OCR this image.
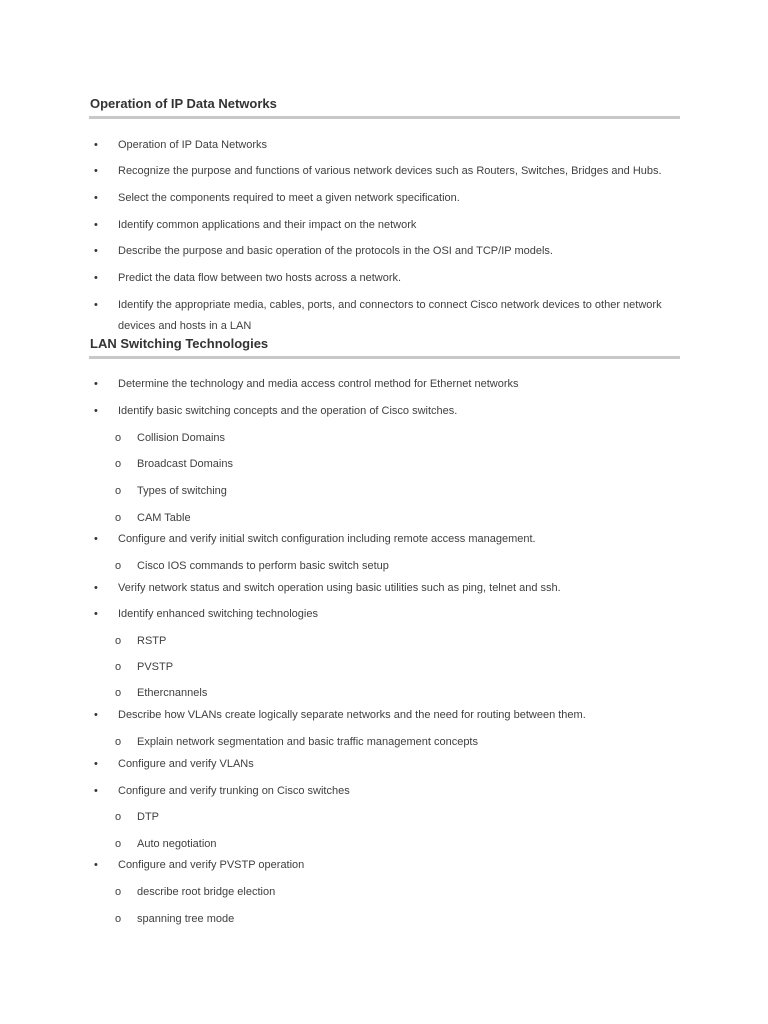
Operation of IP Data Networks
• Operation of IP Data Networks
• Recognize the purpose and functions of various network devices such as Routers, Switches, Bridges and Hubs.
• Select the components required to meet a given network specification.
• Identify common applications and their impact on the network
• Describe the purpose and basic operation of the protocols in the OSI and TCP/IP models.
• Predict the data flow between two hosts across a network.
• Identify the appropriate media, cables, ports, and connectors to connect Cisco network devices to other network
devices and hosts in a LAN
LAN Switching Technologies
• Determine the technology and media access control method for Ethernet networks
• Identify basic switching concepts and the operation of Cisco switches.
o Collision Domains
o Broadcast Domains
o Types of switching
o CAM Table
• Configure and verify initial switch configuration including remote access management.
o Cisco IOS commands to perform basic switch setup
• Verify network status and switch operation using basic utilities such as ping, telnet and ssh.
• Identify enhanced switching technologies
o RSTP
o PVSTP
o Ethercnannels
• Describe how VLANs create logically separate networks and the need for routing between them.
o Explain network segmentation and basic traffic management concepts
• Configure and verify VLANs
• Configure and verify trunking on Cisco switches
o DTP
o Auto negotiation
• Configure and verify PVSTP operation
o describe root bridge election
o spanning tree mode
